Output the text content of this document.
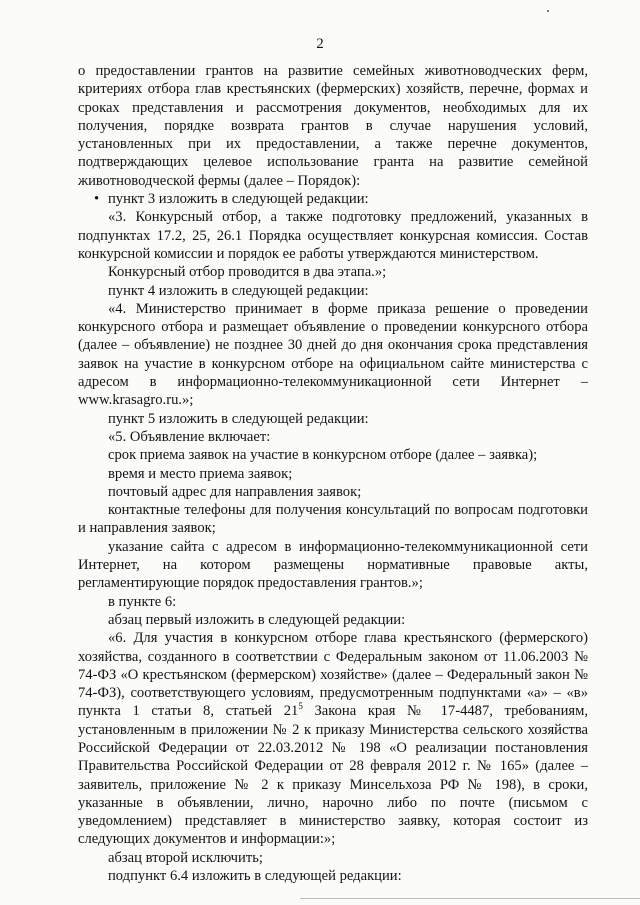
2

о предоставлении грантов на развитие семейных животноводческих ферм, критериях отбора глав крестьянских (фермерских) хозяйств, перечне, формах и сроках представления и рассмотрения документов, необходимых для их получения, порядке возврата грантов в случае нарушения условий, установленных при их предоставлении, а также перечне документов, подтверждающих целевое использование гранта на развитие семейной животноводческой фермы (далее – Порядок):

• пункт 3 изложить в следующей редакции:

«3. Конкурсный отбор, а также подготовку предложений, указанных в подпунктах 17.2, 25, 26.1 Порядка осуществляет конкурсная комиссия. Состав конкурсной комиссии и порядок ее работы утверждаются министерством.

Конкурсный отбор проводится в два этапа.»;

пункт 4 изложить в следующей редакции:

«4. Министерство принимает в форме приказа решение о проведении конкурсного отбора и размещает объявление о проведении конкурсного отбора (далее – объявление) не позднее 30 дней до дня окончания срока представления заявок на участие в конкурсном отборе на официальном сайте министерства с адресом в информационно-телекоммуникационной сети Интернет – www.krasagro.ru.»;

пункт 5 изложить в следующей редакции:

«5. Объявление включает:

срок приема заявок на участие в конкурсном отборе (далее – заявка);

время и место приема заявок;

почтовый адрес для направления заявок;

контактные телефоны для получения консультаций по вопросам подготовки и направления заявок;

указание сайта с адресом в информационно-телекоммуникационной сети Интернет, на котором размещены нормативные правовые акты, регламентирующие порядок предоставления грантов.»;

в пункте 6:

абзац первый изложить в следующей редакции:

«6. Для участия в конкурсном отборе глава крестьянского (фермерского) хозяйства, созданного в соответствии с Федеральным законом от 11.06.2003 № 74-ФЗ «О крестьянском (фермерском) хозяйстве» (далее – Федеральный закон № 74-ФЗ), соответствующего условиям, предусмотренным подпунктами «а» – «в» пункта 1 статьи 8, статьей $21^5$ Закона края № 17-4487, требованиям, установленным в приложении № 2 к приказу Министерства сельского хозяйства Российской Федерации от 22.03.2012 № 198 «О реализации постановления Правительства Российской Федерации от 28 февраля 2012 г. № 165» (далее – заявитель, приложение № 2 к приказу Минсельхоза РФ № 198), в сроки, указанные в объявлении, лично, нарочно либо по почте (письмом с уведомлением) представляет в министерство заявку, которая состоит из следующих документов и информации:»;

абзац второй исключить;

подпункт 6.4 изложить в следующей редакции:
